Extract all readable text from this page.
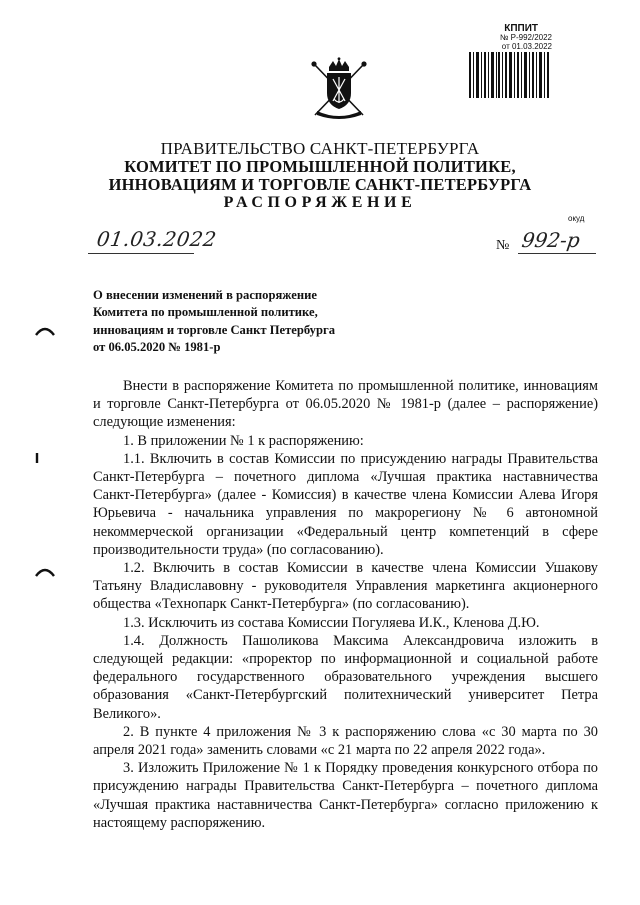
КППИТ
№ Р-992/2022
от 01.03.2022
ПРАВИТЕЛЬСТВО САНКТ-ПЕТЕРБУРГА
КОМИТЕТ ПО ПРОМЫШЛЕННОЙ ПОЛИТИКЕ,
ИННОВАЦИЯМ И ТОРГОВЛЕ САНКТ-ПЕТЕРБУРГА
РАСПОРЯЖЕНИЕ
окуд
01.03.2022	№ 992-р
О внесении изменений в распоряжение
Комитета по промышленной политике,
инновациям и торговле Санкт Петербурга
от 06.05.2020 № 1981-р

Внести в распоряжение Комитета по промышленной политике, инновациям и торговле Санкт-Петербурга от 06.05.2020 № 1981-р (далее – распоряжение) следующие изменения:

1. В приложении № 1 к распоряжению:

1.1. Включить в состав Комиссии по присуждению награды Правительства Санкт-Петербурга – почетного диплома «Лучшая практика наставничества Санкт-Петербурга» (далее - Комиссия) в качестве члена Комиссии Алева Игоря Юрьевича - начальника управления по макрорегиону № 6 автономной некоммерческой организации «Федеральный центр компетенций в сфере производительности труда» (по согласованию).

1.2. Включить в состав Комиссии в качестве члена Комиссии Ушакову Татьяну Владиславовну - руководителя Управления маркетинга акционерного общества «Технопарк Санкт-Петербурга» (по согласованию).

1.3. Исключить из состава Комиссии Погуляева И.К., Кленова Д.Ю.

1.4. Должность Пашоликова Максима Александровича изложить в следующей редакции: «проректор по информационной и социальной работе федерального государственного образовательного учреждения высшего образования «Санкт-Петербургский политехнический университет Петра Великого».

2. В пункте 4 приложения № 3 к распоряжению слова «с 30 марта по 30 апреля 2021 года» заменить словами «с 21 марта по 22 апреля 2022 года».

3. Изложить Приложение № 1 к Порядку проведения конкурсного отбора по присуждению награды Правительства Санкт-Петербурга – почетного диплома «Лучшая практика наставничества Санкт-Петербурга» согласно приложению к настоящему распоряжению.
